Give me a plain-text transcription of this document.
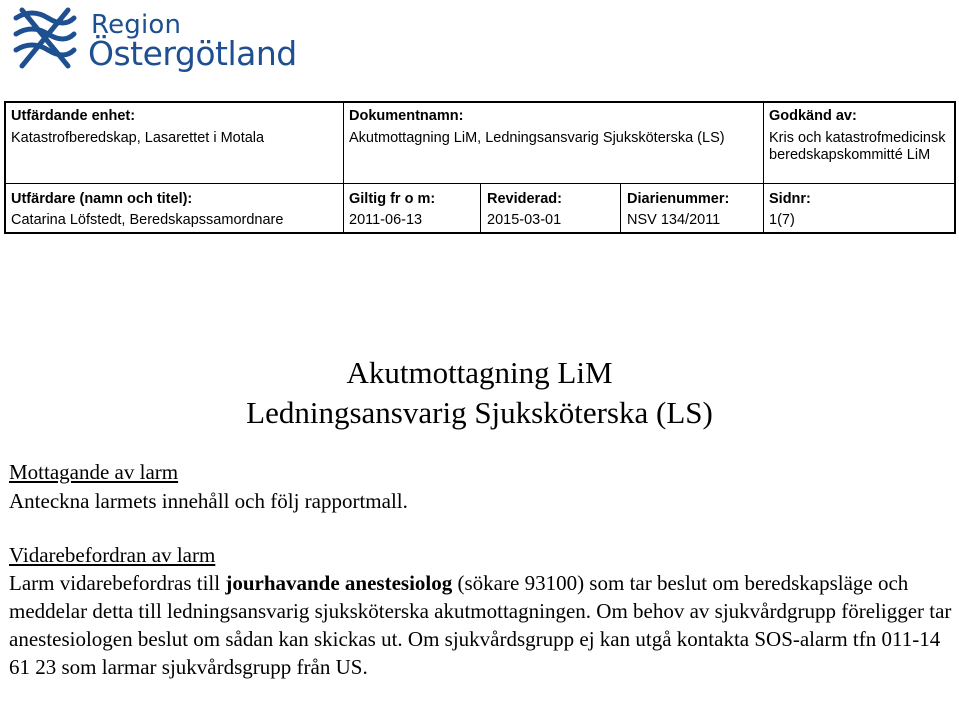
Region
Östergötland
Utfärdande enhet:
Katastrofberedskap, Lasarettet i Motala
Dokumentnamn:
Akutmottagning LiM, Ledningsansvarig Sjuksköterska (LS)
Godkänd av:
Kris och katastrofmedicinsk beredskapskommitté LiM
Utfärdare (namn och titel):
Catarina Löfstedt, Beredskapssamordnare
Giltig fr o m:
2011-06-13
Reviderad:
2015-03-01
Diarienummer:
NSV 134/2011
Sidnr:
1(7)
Akutmottagning LiM
Ledningsansvarig Sjuksköterska (LS)
Mottagande av larm
Anteckna larmets innehåll och följ rapportmall.
Vidarebefordran av larm
Larm vidarebefordras till jourhavande anestesiolog (sökare 93100) som tar beslut om beredskapsläge och meddelar detta till ledningsansvarig sjuksköterska akutmottagningen. Om behov av sjukvårdgrupp föreligger tar anestesiologen beslut om sådan kan skickas ut. Om sjukvårdsgrupp ej kan utgå kontakta SOS-alarm tfn 011-14 61 23 som larmar sjukvårdsgrupp från US.
